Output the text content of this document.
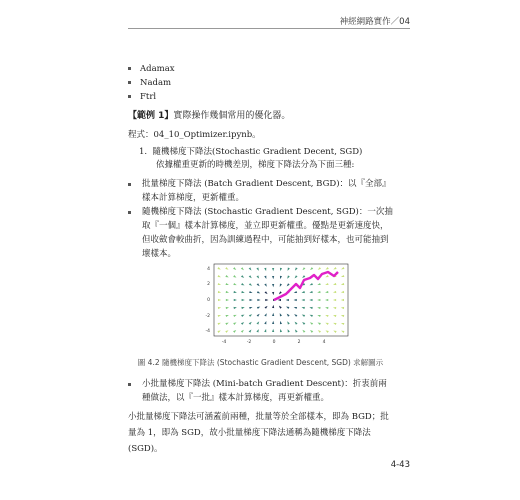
神經網路實作／04
Adamax
Nadam
Ftrl
【範例 1】實際操作幾個常用的優化器。
程式：04_10_Optimizer.ipynb。
1. 隨機梯度下降法(Stochastic Gradient Decent, SGD)
依據權重更新的時機差別，梯度下降法分為下面三種:
批量梯度下降法 (Batch Gradient Descent, BGD)：以『全部』樣本計算梯度，更新權重。
隨機梯度下降法 (Stochastic Gradient Descent, SGD)：一次抽取『一個』樣本計算梯度，並立即更新權重。優點是更新速度快，但收斂會較曲折，因為訓練過程中，可能抽到好樣本，也可能抽到壞樣本。
-4	-2	0	2	4
4
2
0
-2
-4
圖 4.2 隨機梯度下降法 (Stochastic Gradient Descent, SGD) 求解圖示
小批量梯度下降法 (Mini-batch Gradient Descent)：折衷前兩種做法，以『一批』樣本計算梯度，再更新權重。
小批量梯度下降法可涵蓋前兩種，批量等於全部樣本，即為 BGD；批量為 1，即為 SGD，故小批量梯度下降法通稱為隨機梯度下降法(SGD)。
4-43
